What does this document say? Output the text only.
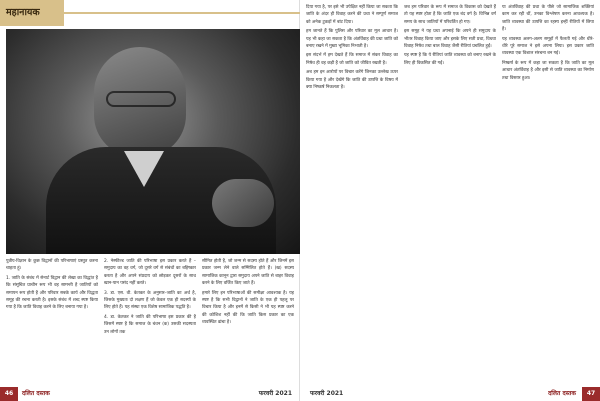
महानायक

पुत्रीय-विज्ञान के कुछ विद्वानों की परिभाषाएं प्रस्तुत करना चाहता हूं।

1. जाति के संबंध में सेनार्ट विद्वान की लेखा का विद्धांत है कि संसूचित प्राचीन रूप भी वह सामन्ती है जातियों को समापन रूप होती है और परिवार सबके कार्य और विद्धता समूह की रचना करती है। इसके संबंध में शब्द स्पष्ट किया गया है कि जाति विवाह करने के लिए बनाया गया है।

2. नेस्फील्ड जाति की परिभाषा इस प्रकार करते हैं – समुदाय का वह वर्ग, जो दूसरे वर्ग से संबंधों का बहिष्कार करता है और अपने संप्रदाय को छोड़कर दूसरों के साथ खान-पान पसंद नहीं करते।

3. डा. एस. वी. केतकर के अनुसार–जाति का अर्थ है, जिसके मुख्यतः दो लक्षण हैं जो केवल एक ही सदस्यों के लिए होते हैं। यह संस्था एक विशेष सामाजिक पद्धति है।

4. डा. केतकर ने जाति की परिभाषा इस प्रकार की है जिसमें स्पष्ट है कि समाज के बंधन (क) उसकी सदस्यता उन लोगों तक

सीमित होती है, जो जन्म से सदस्य होते हैं और जिनमें इस प्रकार जन्म लेने वाले सम्मिलित होते हैं। (ख) सदस्य सामाजिक कानून द्वारा समुदाय अपने जाति से बाहर विवाह करने के लिए वर्जित किए जाते हैं।

हमारे लिए इन परिभाषाओं की समीक्षा आवश्यक है। यह स्पष्ट है कि सभी विद्वानों ने जाति के एक ही पहलू पर विचार किया है और इनमें से किसी ने भी यह स्पष्ट करने की कोशिश नहीं की कि जाति किस प्रकार का एक व्यवस्थित ढांचा है।

46 दलित दस्तक	फरवरी 2021

दिया गया है, पर इसे भी उपेक्षित नहीं किया जा सकता कि जाति के अंदर ही विवाह करने की प्रथा ने सम्पूर्ण समाज को अनेक टुकड़ों में बांट दिया।

हम जानते हैं कि पुलिस और परिवार का मूल आधार है। यह भी कहा जा सकता है कि अंतर्विवाह की प्रथा जाति को बनाए रखने में मुख्य भूमिका निभाती है।

इस संदर्भ में हम देखते हैं कि समाज में संकर विवाह का निषेध ही वह कड़ी है जो जाति को जीवित रखती है।

अब हम इन आरोपों पर विचार करेंगे जिनका उल्लेख ऊपर किया गया है और देखेंगे कि जाति की उत्पत्ति के विषय में क्या निष्कर्ष निकलता है।

जब हम परिवार के रूप में समाज के विकास को देखते हैं तो यह स्पष्ट होता है कि जाति एक बंद वर्ग है। विभिन्न वर्ग समय के साथ जातियों में परिवर्तित हो गए।

इस समूह ने यह प्रथा अपनाई कि अपने ही समुदाय के भीतर विवाह किया जाए और इसके लिए सती प्रथा, विधवा विवाह निषेध तथा बाल विवाह जैसी रीतियां प्रचलित हुईं।

यह स्पष्ट है कि ये रीतियां जाति व्यवस्था को बनाए रखने के लिए ही विकसित की गईं।

या अंतर्विवाह की प्रथा के पीछे जो सामाजिक शक्तियां काम कर रही थीं, उनका विश्लेषण करना आवश्यक है। जाति व्यवस्था की उत्पत्ति का रहस्य इन्हीं रीतियों में छिपा है।

यह व्यवस्था अलग-अलग समूहों में फैलती गई और धीरे-धीरे पूरे समाज ने इसे अपना लिया। इस प्रकार जाति व्यवस्था एक विशाल संरचना बन गई।

निष्कर्ष के रूप में कहा जा सकता है कि जाति का मूल आधार अंतर्विवाह है और इसी से जाति व्यवस्था का निर्माण तथा विस्तार हुआ।

फरवरी 2021	दलित दस्तक	47
